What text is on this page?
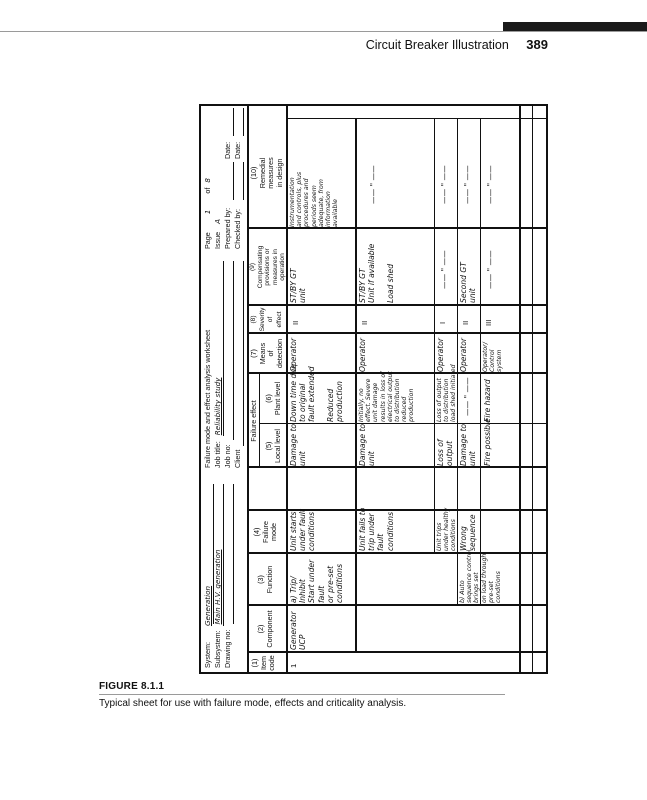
Circuit Breaker Illustration 389
System: Generation
Subsystem: Main H.V. generation
Drawing no:
Failure mode and effect analysis worksheet Job title: Reliability study
Job no: Client
Page 1 of 8
Issue A Prepared by: Checked by:
Date: Date:
(1)
Item
code
(2)
Component
(3)
Function
(4)
Failure
mode
Failure effect
(5)
Local level
(6)
Plant level
(7)
Means
of
detection
(8)
Severity
of
effect
(9)
Compensating
provisions or
measures in
operation
(10)
Remedial
measures
in design
1
Generator
UCP
a) Trip/
Inhibit
Start under
fault
or pre-set
conditions	b) Auto
sequence control
brings set
on load through
pre-set
conditions
Unit starts
under fault
conditions
Damage to
unit
Down time due
to original
fault extended

Reduced
production
Operator
II
ST/BY GT
unit
Instrumentation
and controls, plus
procedures and
periods seem
adequate, from
information
available
Unit fails to
trip under
fault
conditions
Damage to
unit
Initially, no
effect. Severe
unit damage
results in loss of
electrical output
to distribution
reduced
production
Operator
II
ST/BY GT
Unit if available

Load shed
—— " ——
Unit trips
under healthy
conditions
Loss of
output
Loss of output
to distribution
load shed initiated
Operator
I
—— " ——
—— " ——
Wrong
sequence
Damage to
unit
—— " ——
Operator
II
Second GT
unit
—— " ——
Fire possible
Fire hazard
Operator/
Control
system
III
—— " ——
—— " ——
FIGURE 8.1.1
Typical sheet for use with failure mode, effects and criticality analysis.
